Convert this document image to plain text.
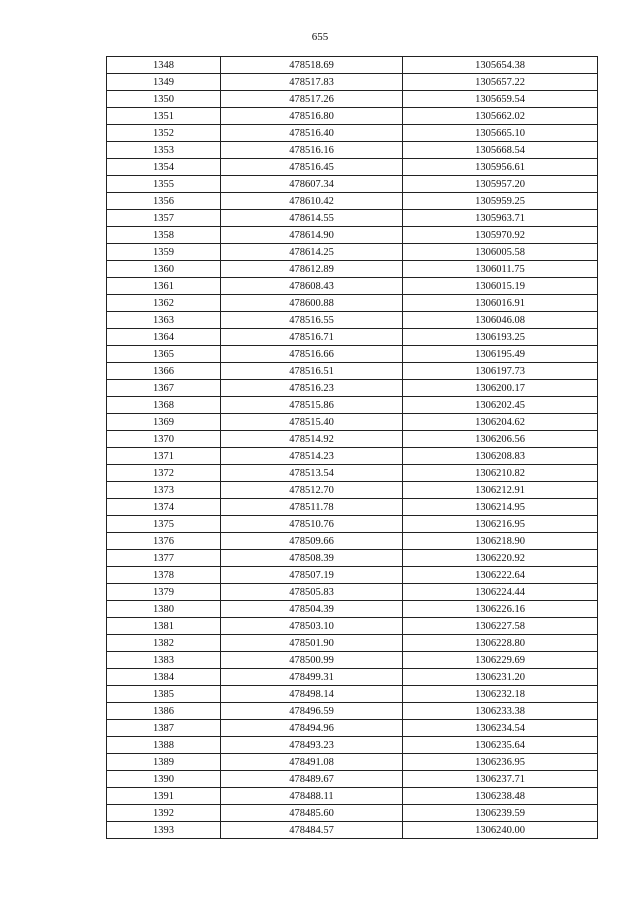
655
1348	478518.69	1305654.38
1349	478517.83	1305657.22
1350	478517.26	1305659.54
1351	478516.80	1305662.02
1352	478516.40	1305665.10
1353	478516.16	1305668.54
1354	478516.45	1305956.61
1355	478607.34	1305957.20
1356	478610.42	1305959.25
1357	478614.55	1305963.71
1358	478614.90	1305970.92
1359	478614.25	1306005.58
1360	478612.89	1306011.75
1361	478608.43	1306015.19
1362	478600.88	1306016.91
1363	478516.55	1306046.08
1364	478516.71	1306193.25
1365	478516.66	1306195.49
1366	478516.51	1306197.73
1367	478516.23	1306200.17
1368	478515.86	1306202.45
1369	478515.40	1306204.62
1370	478514.92	1306206.56
1371	478514.23	1306208.83
1372	478513.54	1306210.82
1373	478512.70	1306212.91
1374	478511.78	1306214.95
1375	478510.76	1306216.95
1376	478509.66	1306218.90
1377	478508.39	1306220.92
1378	478507.19	1306222.64
1379	478505.83	1306224.44
1380	478504.39	1306226.16
1381	478503.10	1306227.58
1382	478501.90	1306228.80
1383	478500.99	1306229.69
1384	478499.31	1306231.20
1385	478498.14	1306232.18
1386	478496.59	1306233.38
1387	478494.96	1306234.54
1388	478493.23	1306235.64
1389	478491.08	1306236.95
1390	478489.67	1306237.71
1391	478488.11	1306238.48
1392	478485.60	1306239.59
1393	478484.57	1306240.00
